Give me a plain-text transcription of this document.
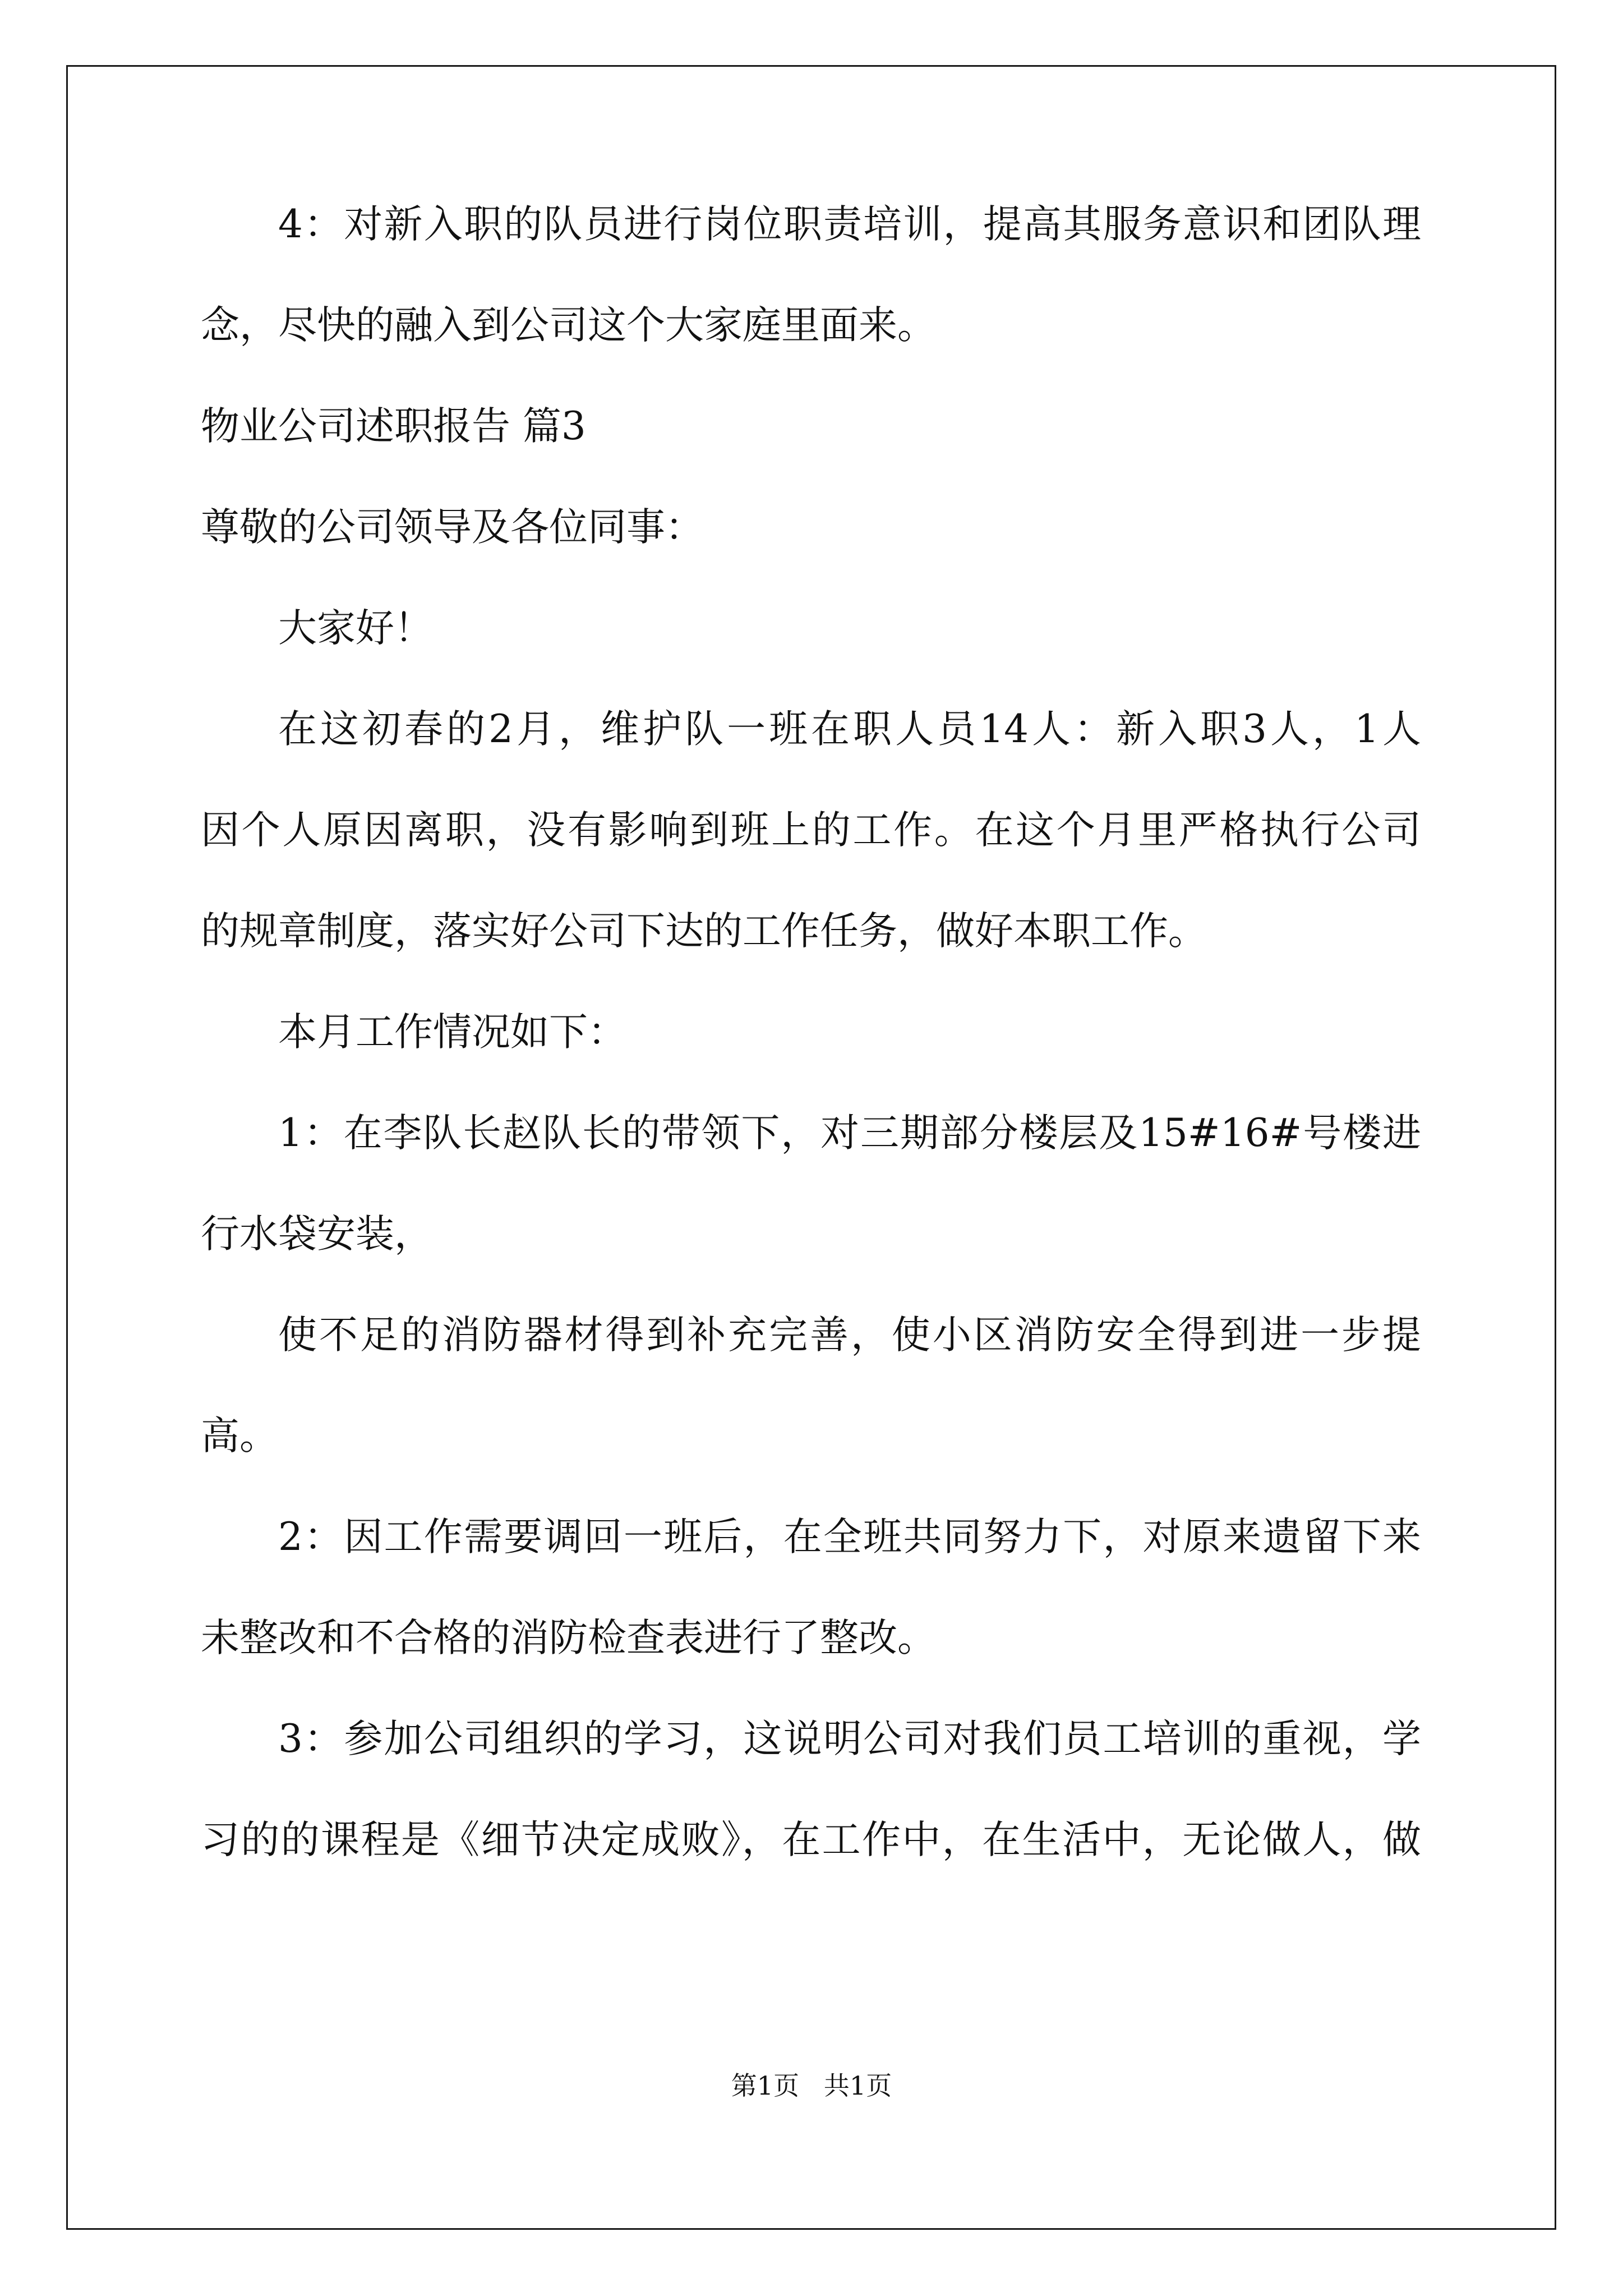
4：对新入职的队员进行岗位职责培训，提高其服务意识和团队理
念，尽快的融入到公司这个大家庭里面来。
物业公司述职报告 篇3
尊敬的公司领导及各位同事：
大家好！
在这初春的2月，维护队一班在职人员14人：新入职3人，1人
因个人原因离职，没有影响到班上的工作。在这个月里严格执行公司
的规章制度，落实好公司下达的工作任务，做好本职工作。
本月工作情况如下：
1：在李队长赵队长的带领下，对三期部分楼层及15#16#号楼进
行水袋安装，
使不足的消防器材得到补充完善，使小区消防安全得到进一步提
高。
2：因工作需要调回一班后，在全班共同努力下，对原来遗留下来
未整改和不合格的消防检查表进行了整改。
3：参加公司组织的学习，这说明公司对我们员工培训的重视，学
习的的课程是《细节决定成败》，在工作中，在生活中，无论做人，做
第1页   共1页
